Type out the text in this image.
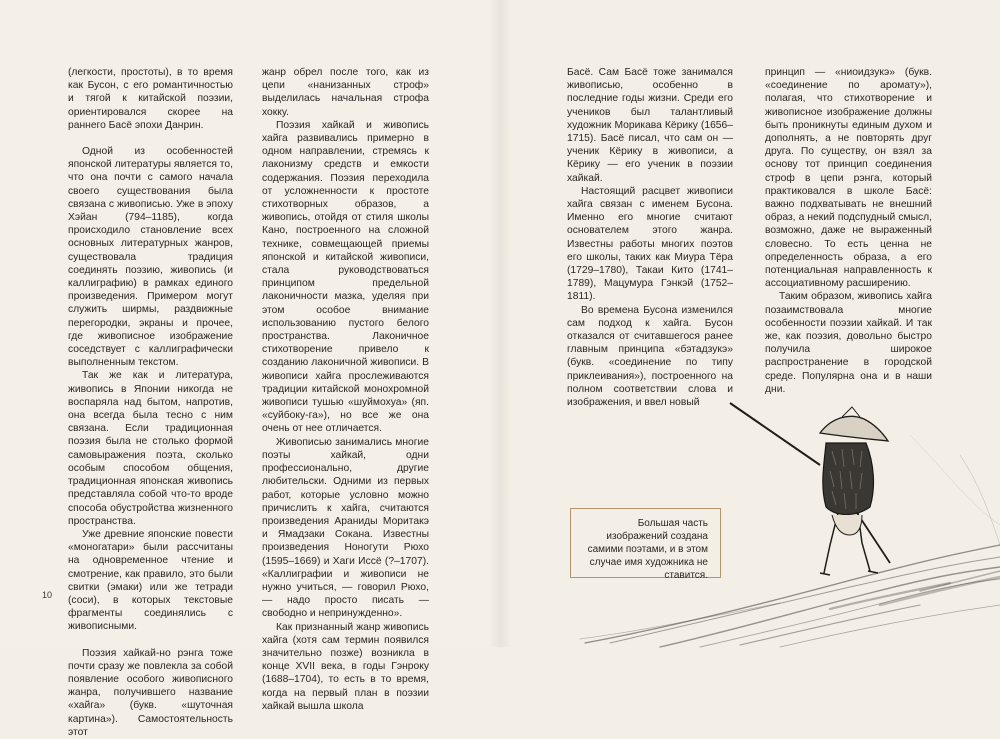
(легкости, простоты), в то время как Бусон, с его романтичностью и тягой к китайской поэзии, ориентировался скорее на раннего Басё эпохи Данрин.

Одной из особенностей японской литературы является то, что она почти с самого начала своего существования была связана с живописью. Уже в эпоху Хэйан (794–1185), когда происходило становление всех основных литературных жанров, существовала традиция соединять поэзию, живопись (и каллиграфию) в рамках единого произведения. Примером могут служить ширмы, раздвижные перегородки, экраны и прочее, где живописное изображение соседствует с каллиграфически выполненным текстом.

Так же как и литература, живопись в Японии никогда не воспаряла над бытом, напротив, она всегда была тесно с ним связана. Если традиционная поэзия была не столько формой самовыражения поэта, сколько особым способом общения, традиционная японская живопись представляла собой что-то вроде способа обустройства жизненного пространства.

Уже древние японские повести «моногатари» были рассчитаны на одновременное чтение и смотрение, как правило, это были свитки (эмаки) или же тетради (соси), в которых текстовые фрагменты соединялись с живописными.

Поэзия хайкай-но рэнга тоже почти сразу же повлекла за собой появление особого живописного жанра, получившего название «хайга» (букв. «шуточная картина»). Самостоятельность этот

жанр обрел после того, как из цепи «нанизанных строф» выделилась начальная строфа хокку.

Поэзия хайкай и живопись хайга развивались примерно в одном направлении, стремясь к лаконизму средств и емкости содержания. Поэзия переходила от усложненности к простоте стихотворных образов, а живопись, отойдя от стиля школы Кано, построенного на сложной технике, совмещающей приемы японской и китайской живописи, стала руководствоваться принципом предельной лаконичности мазка, уделяя при этом особое внимание использованию пустого белого пространства. Лаконичное стихотворение привело к созданию лаконичной живописи. В живописи хайга прослеживаются традиции китайской монохромной живописи тушью «шуймохуа» (яп. «суйбоку-га»), но все же она очень от нее отличается.

Живописью занимались многие поэты хайкай, одни профессионально, другие любительски. Одними из первых работ, которые условно можно причислить к хайга, считаются произведения Араниды Моритакэ и Ямадзаки Сокана. Известны произведения Ноногути Рюхо (1595–1669) и Хаги Иссё (?–1707). «Каллиграфии и живописи не нужно учиться, — говорил Рюхо, — надо просто писать — свободно и непринужденно».

Как признанный жанр живопись хайга (хотя сам термин появился значительно позже) возникла в конце XVII века, в годы Гэнроку (1688–1704), то есть в то время, когда на первый план в поэзии хайкай вышла школа

10

Басё. Сам Басё тоже занимался живописью, особенно в последние годы жизни. Среди его учеников был талантливый художник Морикава Кёрику (1656–1715). Басё писал, что сам он — ученик Кёрику в живописи, а Кёрику — его ученик в поэзии хайкай.

Настоящий расцвет живописи хайга связан с именем Бусона. Именно его многие считают основателем этого жанра. Известны работы многих поэтов его школы, таких как Миура Тёра (1729–1780), Такаи Кито (1741–1789), Мацумура Гэнкэй (1752–1811).

Во времена Бусона изменился сам подход к хайга. Бусон отказался от считавшегося ранее главным принципа «бэтадзукэ» (букв. «соединение по типу приклеивания»), построенного на полном соответствии слова и изображения, и ввел новый

принцип — «ниоидзукэ» (букв. «соединение по аромату»), полагая, что стихотворение и живописное изображение должны быть проникнуты единым духом и дополнять, а не повторять друг друга. По существу, он взял за основу тот принцип соединения строф в цепи рэнга, который практиковался в школе Басё: важно подхватывать не внешний образ, а некий подспудный смысл, возможно, даже не выраженный словесно. То есть ценна не определенность образа, а его потенциальная направленность к ассоциативному расширению.

Таким образом, живопись хайга позаимствовала многие особенности поэзии хайкай. И так же, как поэзия, довольно быстро получила широкое распространение в городской среде. Популярна она и в наши дни.

Большая часть изображений создана самими поэтами, и в этом случае имя художника не ставится.
